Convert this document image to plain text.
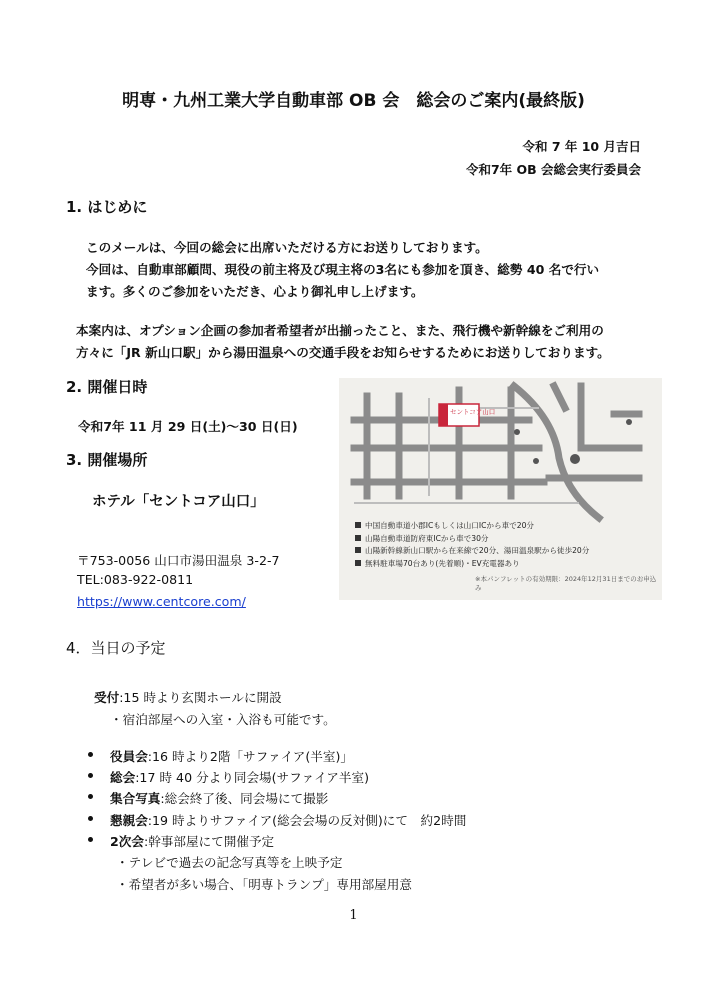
明専・九州工業大学自動車部 OB 会　総会のご案内(最終版)
令和 7 年 10 月吉日
令和7年 OB 会総会実行委員会
1. はじめに
このメールは、今回の総会に出席いただける方にお送りしております。
今回は、自動車部顧問、現役の前主将及び現主将の3名にも参加を頂き、総勢 40 名で行い
ます。多くのご参加をいただき、心より御礼申し上げます。
本案内は、オプション企画の参加者希望者が出揃ったこと、また、飛行機や新幹線をご利用の
方々に「JR 新山口駅」から湯田温泉への交通手段をお知らせするためにお送りしております。
2. 開催日時
令和7年 11 月 29 日(土)〜30 日(日)
3. 開催場所
ホテル「セントコア山口」
〒753-0056 山口市湯田温泉 3-2-7
TEL:083-922-0811
https://www.centcore.com/
セントコア山口
中国自動車道小郡ICもしくは山口ICから車で20分
山陽自動車道防府東ICから車で30分
山陽新幹線新山口駅から在来線で20分、湯田温泉駅から徒歩20分
無料駐車場70台あり(先着順)・EV充電器あり
※本パンフレットの有効期限：2024年12月31日までのお申込み
4．当日の予定
受付:15 時より玄関ホールに開設
・宿泊部屋への入室・入浴も可能です。
役員会:16 時より2階「サファイア(半室)」
総会:17 時 40 分より同会場(サファイア半室)
集合写真:総会終了後、同会場にて撮影
懇親会:19 時よりサファイア(総会会場の反対側)にて　約2時間
2次会:幹事部屋にて開催予定
・テレビで過去の記念写真等を上映予定
・希望者が多い場合、「明専トランプ」専用部屋用意
1
